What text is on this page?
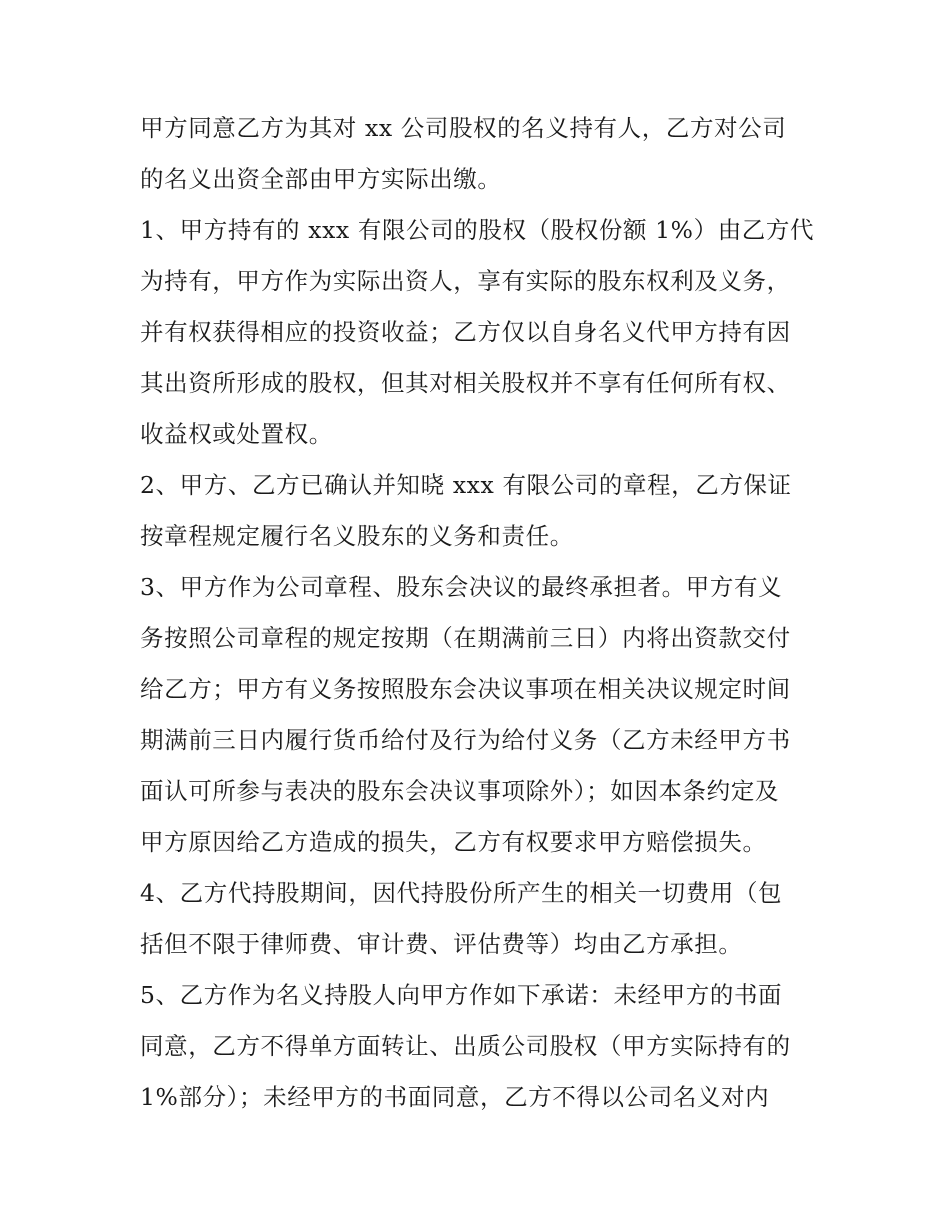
甲方同意乙方为其对 xx 公司股权的名义持有人，乙方对公司
的名义出资全部由甲方实际出缴。
1、甲方持有的 xxx 有限公司的股权（股权份额 1%）由乙方代
为持有，甲方作为实际出资人，享有实际的股东权利及义务，
并有权获得相应的投资收益；乙方仅以自身名义代甲方持有因
其出资所形成的股权，但其对相关股权并不享有任何所有权、
收益权或处置权。
2、甲方、乙方已确认并知晓 xxx 有限公司的章程，乙方保证
按章程规定履行名义股东的义务和责任。
3、甲方作为公司章程、股东会决议的最终承担者。甲方有义
务按照公司章程的规定按期（在期满前三日）内将出资款交付
给乙方；甲方有义务按照股东会决议事项在相关决议规定时间
期满前三日内履行货币给付及行为给付义务（乙方未经甲方书
面认可所参与表决的股东会决议事项除外）；如因本条约定及
甲方原因给乙方造成的损失，乙方有权要求甲方赔偿损失。
4、乙方代持股期间，因代持股份所产生的相关一切费用（包
括但不限于律师费、审计费、评估费等）均由乙方承担。
5、乙方作为名义持股人向甲方作如下承诺：未经甲方的书面
同意，乙方不得单方面转让、出质公司股权（甲方实际持有的
1%部分）；未经甲方的书面同意，乙方不得以公司名义对内
